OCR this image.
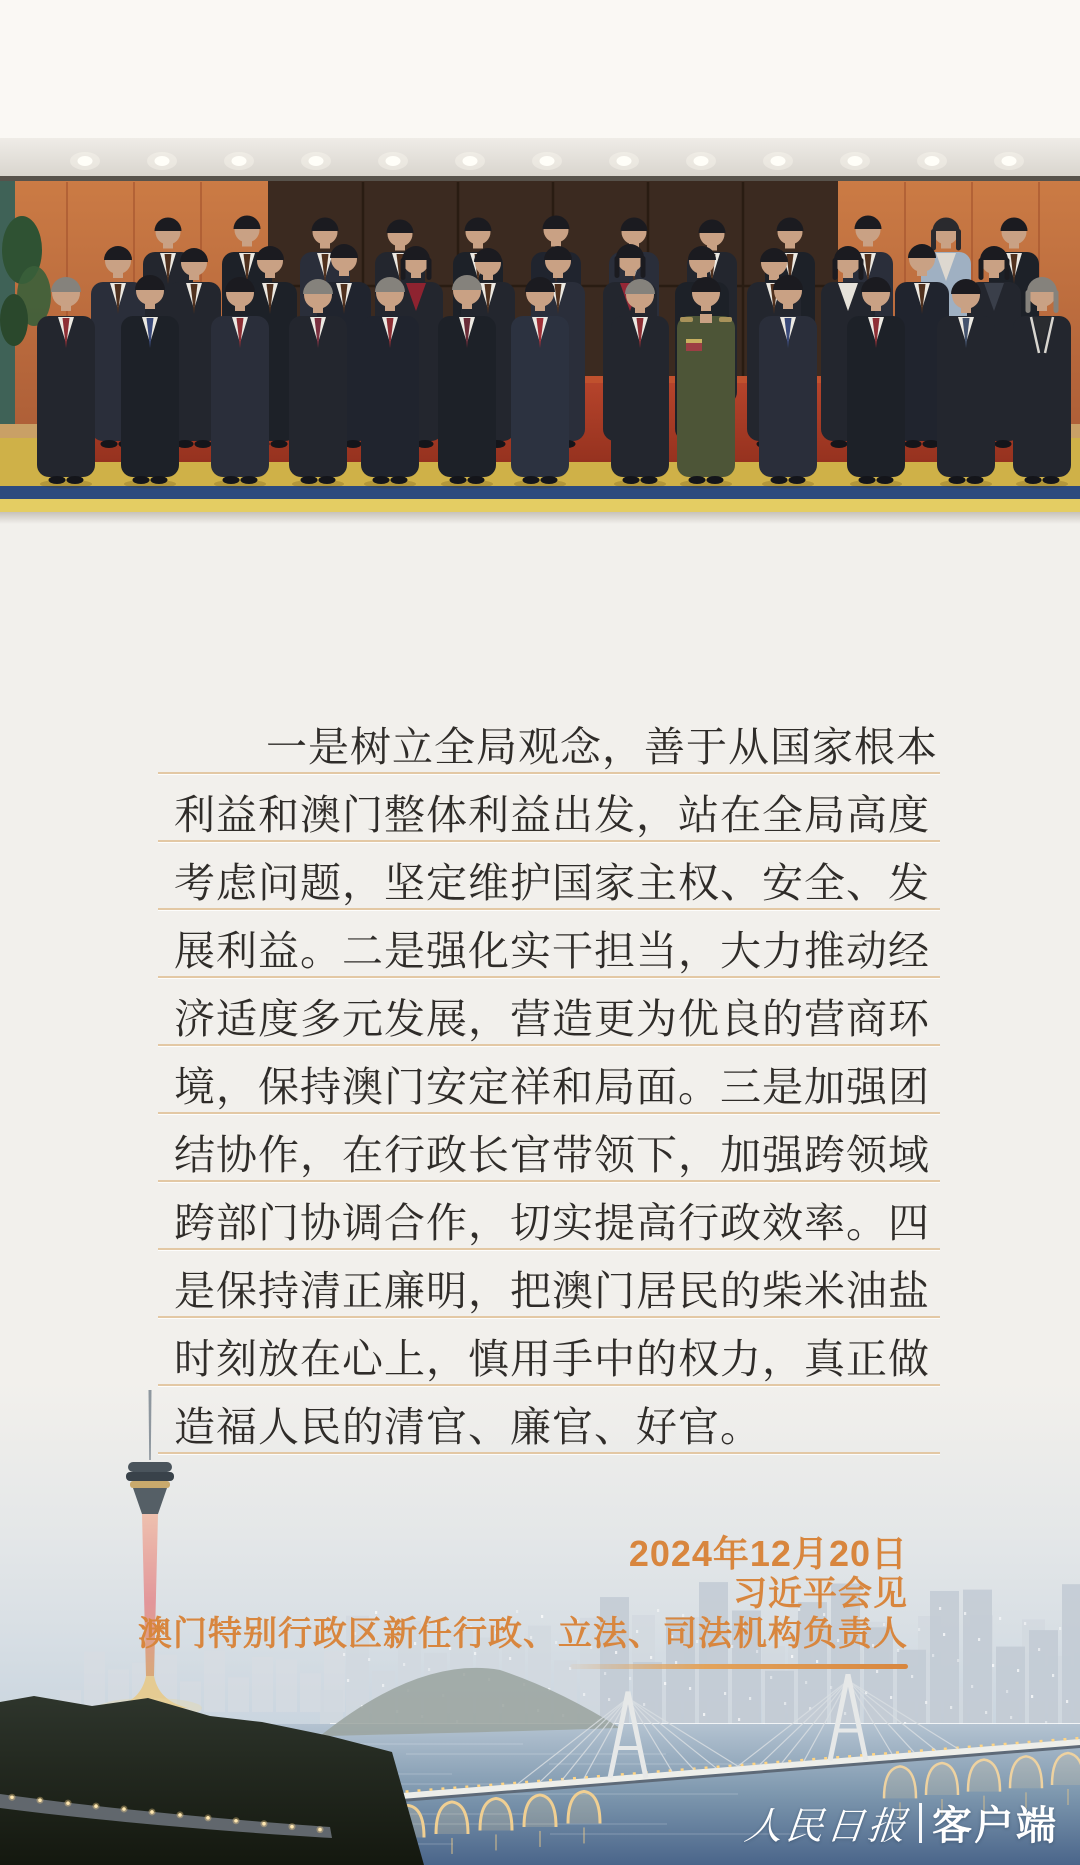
一是树立全局观念，善于从国家根本
利益和澳门整体利益出发，站在全局高度
考虑问题，坚定维护国家主权、安全、发
展利益。二是强化实干担当，大力推动经
济适度多元发展，营造更为优良的营商环
境，保持澳门安定祥和局面。三是加强团
结协作，在行政长官带领下，加强跨领域
跨部门协调合作，切实提高行政效率。四
是保持清正廉明，把澳门居民的柴米油盐
时刻放在心上，慎用手中的权力，真正做
造福人民的清官、廉官、好官。
2024年12月20日
习近平会见
澳门特别行政区新任行政、立法、司法机构负责人
人民日报 客户端
